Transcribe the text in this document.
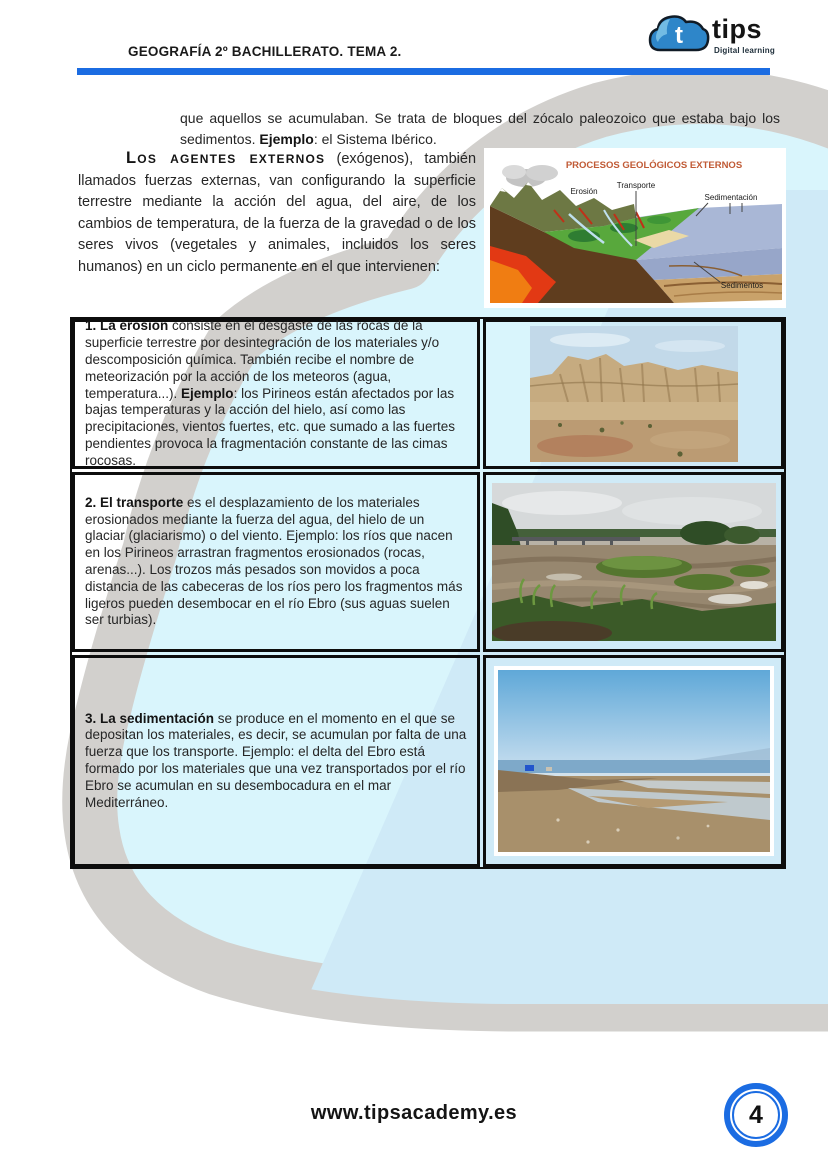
GEOGRAFÍA 2º BACHILLERATO. TEMA 2.
t tips
Digital learning

que aquellos se acumulaban. Se trata de bloques del zócalo paleozoico que estaba bajo los sedimentos. Ejemplo: el Sistema Ibérico.

Los agentes externos (exógenos), también llamados fuerzas externas, van configurando la superficie terrestre mediante la acción del agua, del aire, de los cambios de temperatura, de la fuerza de la gravedad o de los seres vivos (vegetales y animales, incluidos los seres humanos) en un ciclo permanente en el que intervienen:

PROCESOS GEOLÓGICOS EXTERNOS
Erosión
Transporte
Sedimentación
Sedimentos

1. La erosión consiste en el desgaste de las rocas de la superficie terrestre por desintegración de los materiales y/o descomposición química. También recibe el nombre de meteorización por la acción de los meteoros (agua, temperatura...). Ejemplo: los Pirineos están afectados por las bajas temperaturas y la acción del hielo, así como las precipitaciones, vientos fuertes, etc. que sumado a las fuertes pendientes provoca la fragmentación constante de las cimas rocosas.

2. El transporte es el desplazamiento de los materiales erosionados mediante la fuerza del agua, del hielo de un glaciar (glaciarismo) o del viento. Ejemplo: los ríos que nacen en los Pirineos arrastran fragmentos erosionados (rocas, arenas...). Los trozos más pesados son movidos a poca distancia de las cabeceras de los ríos pero los fragmentos más ligeros pueden desembocar en el río Ebro (sus aguas suelen ser turbias).

3. La sedimentación se produce en el momento en el que se depositan los materiales, es decir, se acumulan por falta de una fuerza que los transporte. Ejemplo: el delta del Ebro está formado por los materiales que una vez transportados por el río Ebro se acumulan en su desembocadura en el mar Mediterráneo.

www.tipsacademy.es	4
